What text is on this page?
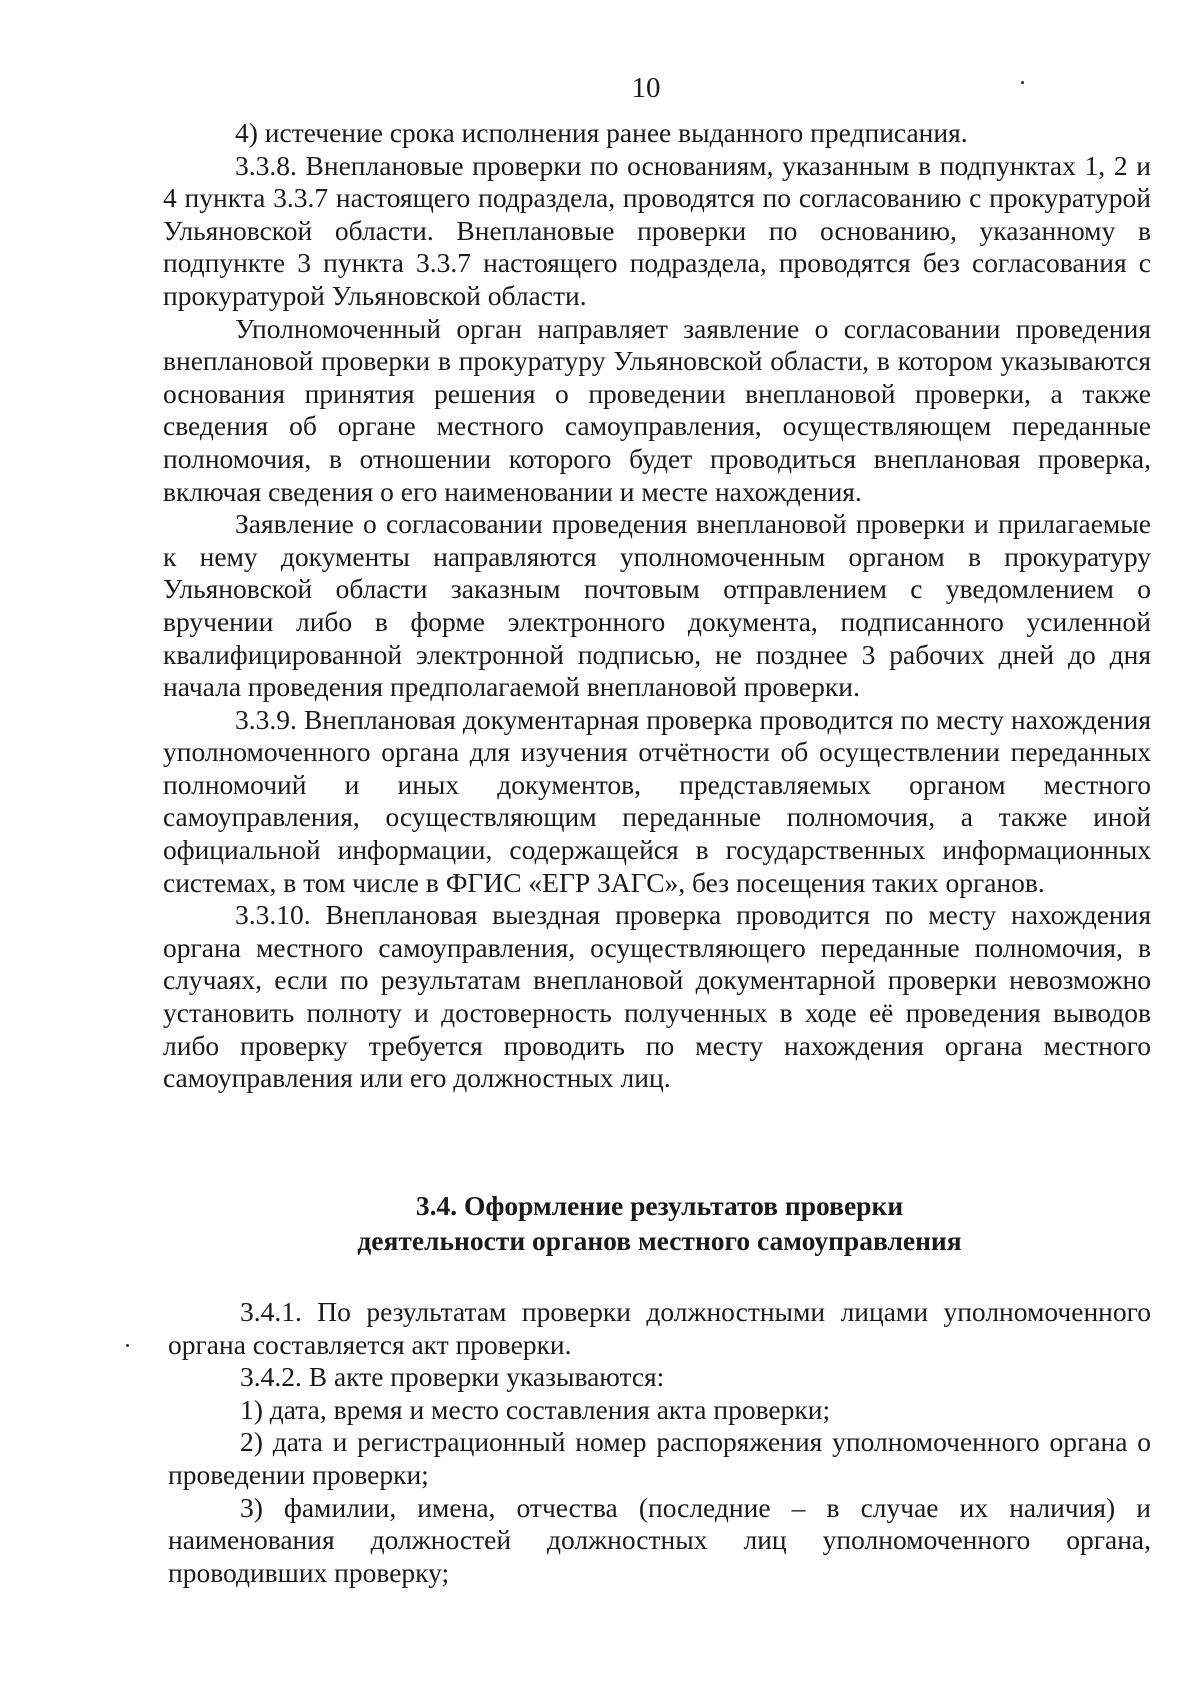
10

4) истечение срока исполнения ранее выданного предписания.

3.3.8. Внеплановые проверки по основаниям, указанным в подпунктах 1, 2 и 4 пункта 3.3.7 настоящего подраздела, проводятся по согласованию с прокуратурой Ульяновской области. Внеплановые проверки по основанию, указанному в подпункте 3 пункта 3.3.7 настоящего подраздела, проводятся без согласования с прокуратурой Ульяновской области.

Уполномоченный орган направляет заявление о согласовании проведения внеплановой проверки в прокуратуру Ульяновской области, в котором указываются основания принятия решения о проведении внеплановой проверки, а также сведения об органе местного самоуправления, осуществляющем переданные полномочия, в отношении которого будет проводиться внеплановая проверка, включая сведения о его наименовании и месте нахождения.

Заявление о согласовании проведения внеплановой проверки и прилагаемые к нему документы направляются уполномоченным органом в прокуратуру Ульяновской области заказным почтовым отправлением с уведомлением о вручении либо в форме электронного документа, подписанного усиленной квалифицированной электронной подписью, не позднее 3 рабочих дней до дня начала проведения предполагаемой внеплановой проверки.

3.3.9. Внеплановая документарная проверка проводится по месту нахождения уполномоченного органа для изучения отчётности об осуществлении переданных полномочий и иных документов, представляемых органом местного самоуправления, осуществляющим переданные полномочия, а также иной официальной информации, содержащейся в государственных информационных системах, в том числе в ФГИС «ЕГР ЗАГС», без посещения таких органов.

3.3.10. Внеплановая выездная проверка проводится по месту нахождения органа местного самоуправления, осуществляющего переданные полномочия, в случаях, если по результатам внеплановой документарной проверки невозможно установить полноту и достоверность полученных в ходе её проведения выводов либо проверку требуется проводить по месту нахождения органа местного самоуправления или его должностных лиц.

3.4. Оформление результатов проверки
деятельности органов местного самоуправления

3.4.1. По результатам проверки должностными лицами уполномоченного органа составляется акт проверки.

3.4.2. В акте проверки указываются:

1) дата, время и место составления акта проверки;

2) дата и регистрационный номер распоряжения уполномоченного органа о проведении проверки;

3) фамилии, имена, отчества (последние – в случае их наличия) и наименования должностей должностных лиц уполномоченного органа, проводивших проверку;
